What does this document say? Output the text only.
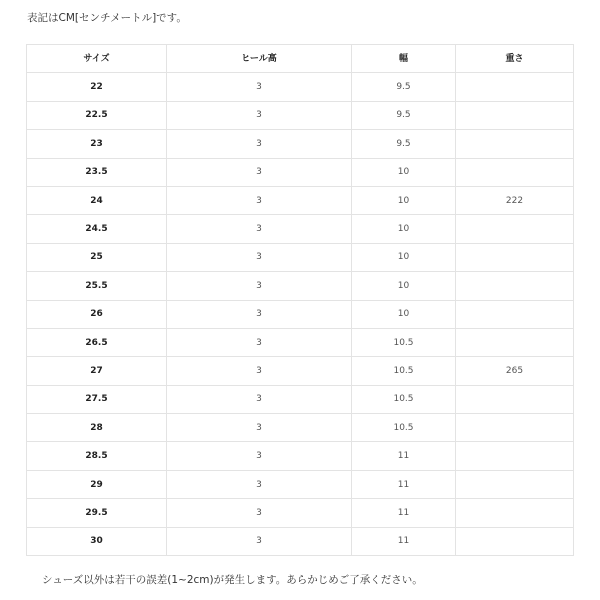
表記はCM[センチメートル]です。
サイズ	ヒール高	幅	重さ
22	3	9.5	
22.5	3	9.5	
23	3	9.5	
23.5	3	10	
24	3	10	222
24.5	3	10	
25	3	10	
25.5	3	10	
26	3	10	
26.5	3	10.5	
27	3	10.5	265
27.5	3	10.5	
28	3	10.5	
28.5	3	11	
29	3	11	
29.5	3	11	
30	3	11	
シューズ以外は若干の誤差(1~2cm)が発生します。あらかじめご了承ください。
